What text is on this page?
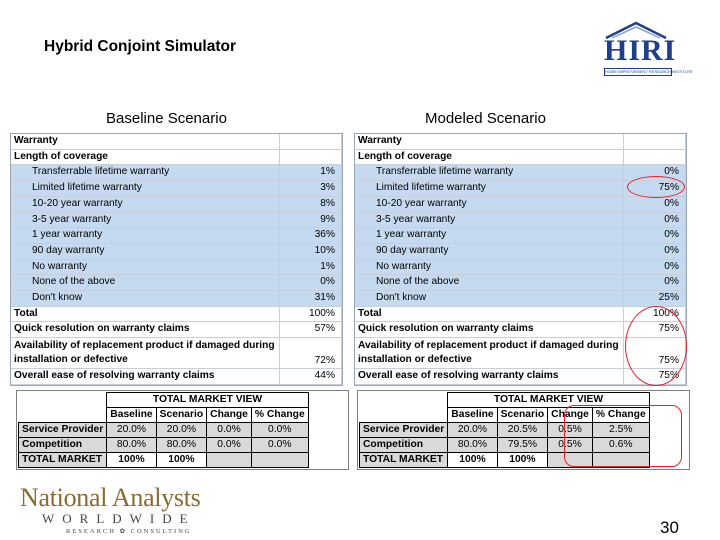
Hybrid Conjoint Simulator	HIRI
HOME IMPROVEMENT RESEARCH INSTITUTE
Baseline Scenario	Modeled Scenario
Warranty	
Length of coverage	
Transferrable lifetime warranty	1%
Limited lifetime warranty	3%
10-20 year warranty	8%
3-5 year warranty	9%
1 year warranty	36%
90 day warranty	10%
No warranty	1%
None of the above	0%
Don't know	31%
Total	100%
Quick resolution on warranty claims	57%
Availability of replacement product if damaged during installation or defective	72%
Overall ease of resolving warranty claims	44%
Warranty	
Length of coverage	
Transferrable lifetime warranty	0%
Limited lifetime warranty	75%
10-20 year warranty	0%
3-5 year warranty	0%
1 year warranty	0%
90 day warranty	0%
No warranty	0%
None of the above	0%
Don't know	25%
Total	100%
Quick resolution on warranty claims	75%
Availability of replacement product if damaged during installation or defective	75%
Overall ease of resolving warranty claims	75%
	TOTAL MARKET VIEW			
	Baseline	Scenario	Change	% Change
Service Provider	20.0%	20.0%	0.0%	0.0%
Competition	80.0%	80.0%	0.0%	0.0%
TOTAL MARKET	100%	100%		
	TOTAL MARKET VIEW			
	Baseline	Scenario	Change	% Change
Service Provider	20.0%	20.5%	0.5%	2.5%
Competition	80.0%	79.5%	0.5%	0.6%
TOTAL MARKET	100%	100%		
National Analysts
WORLDWIDE
RESEARCH ✿ CONSULTING	30
